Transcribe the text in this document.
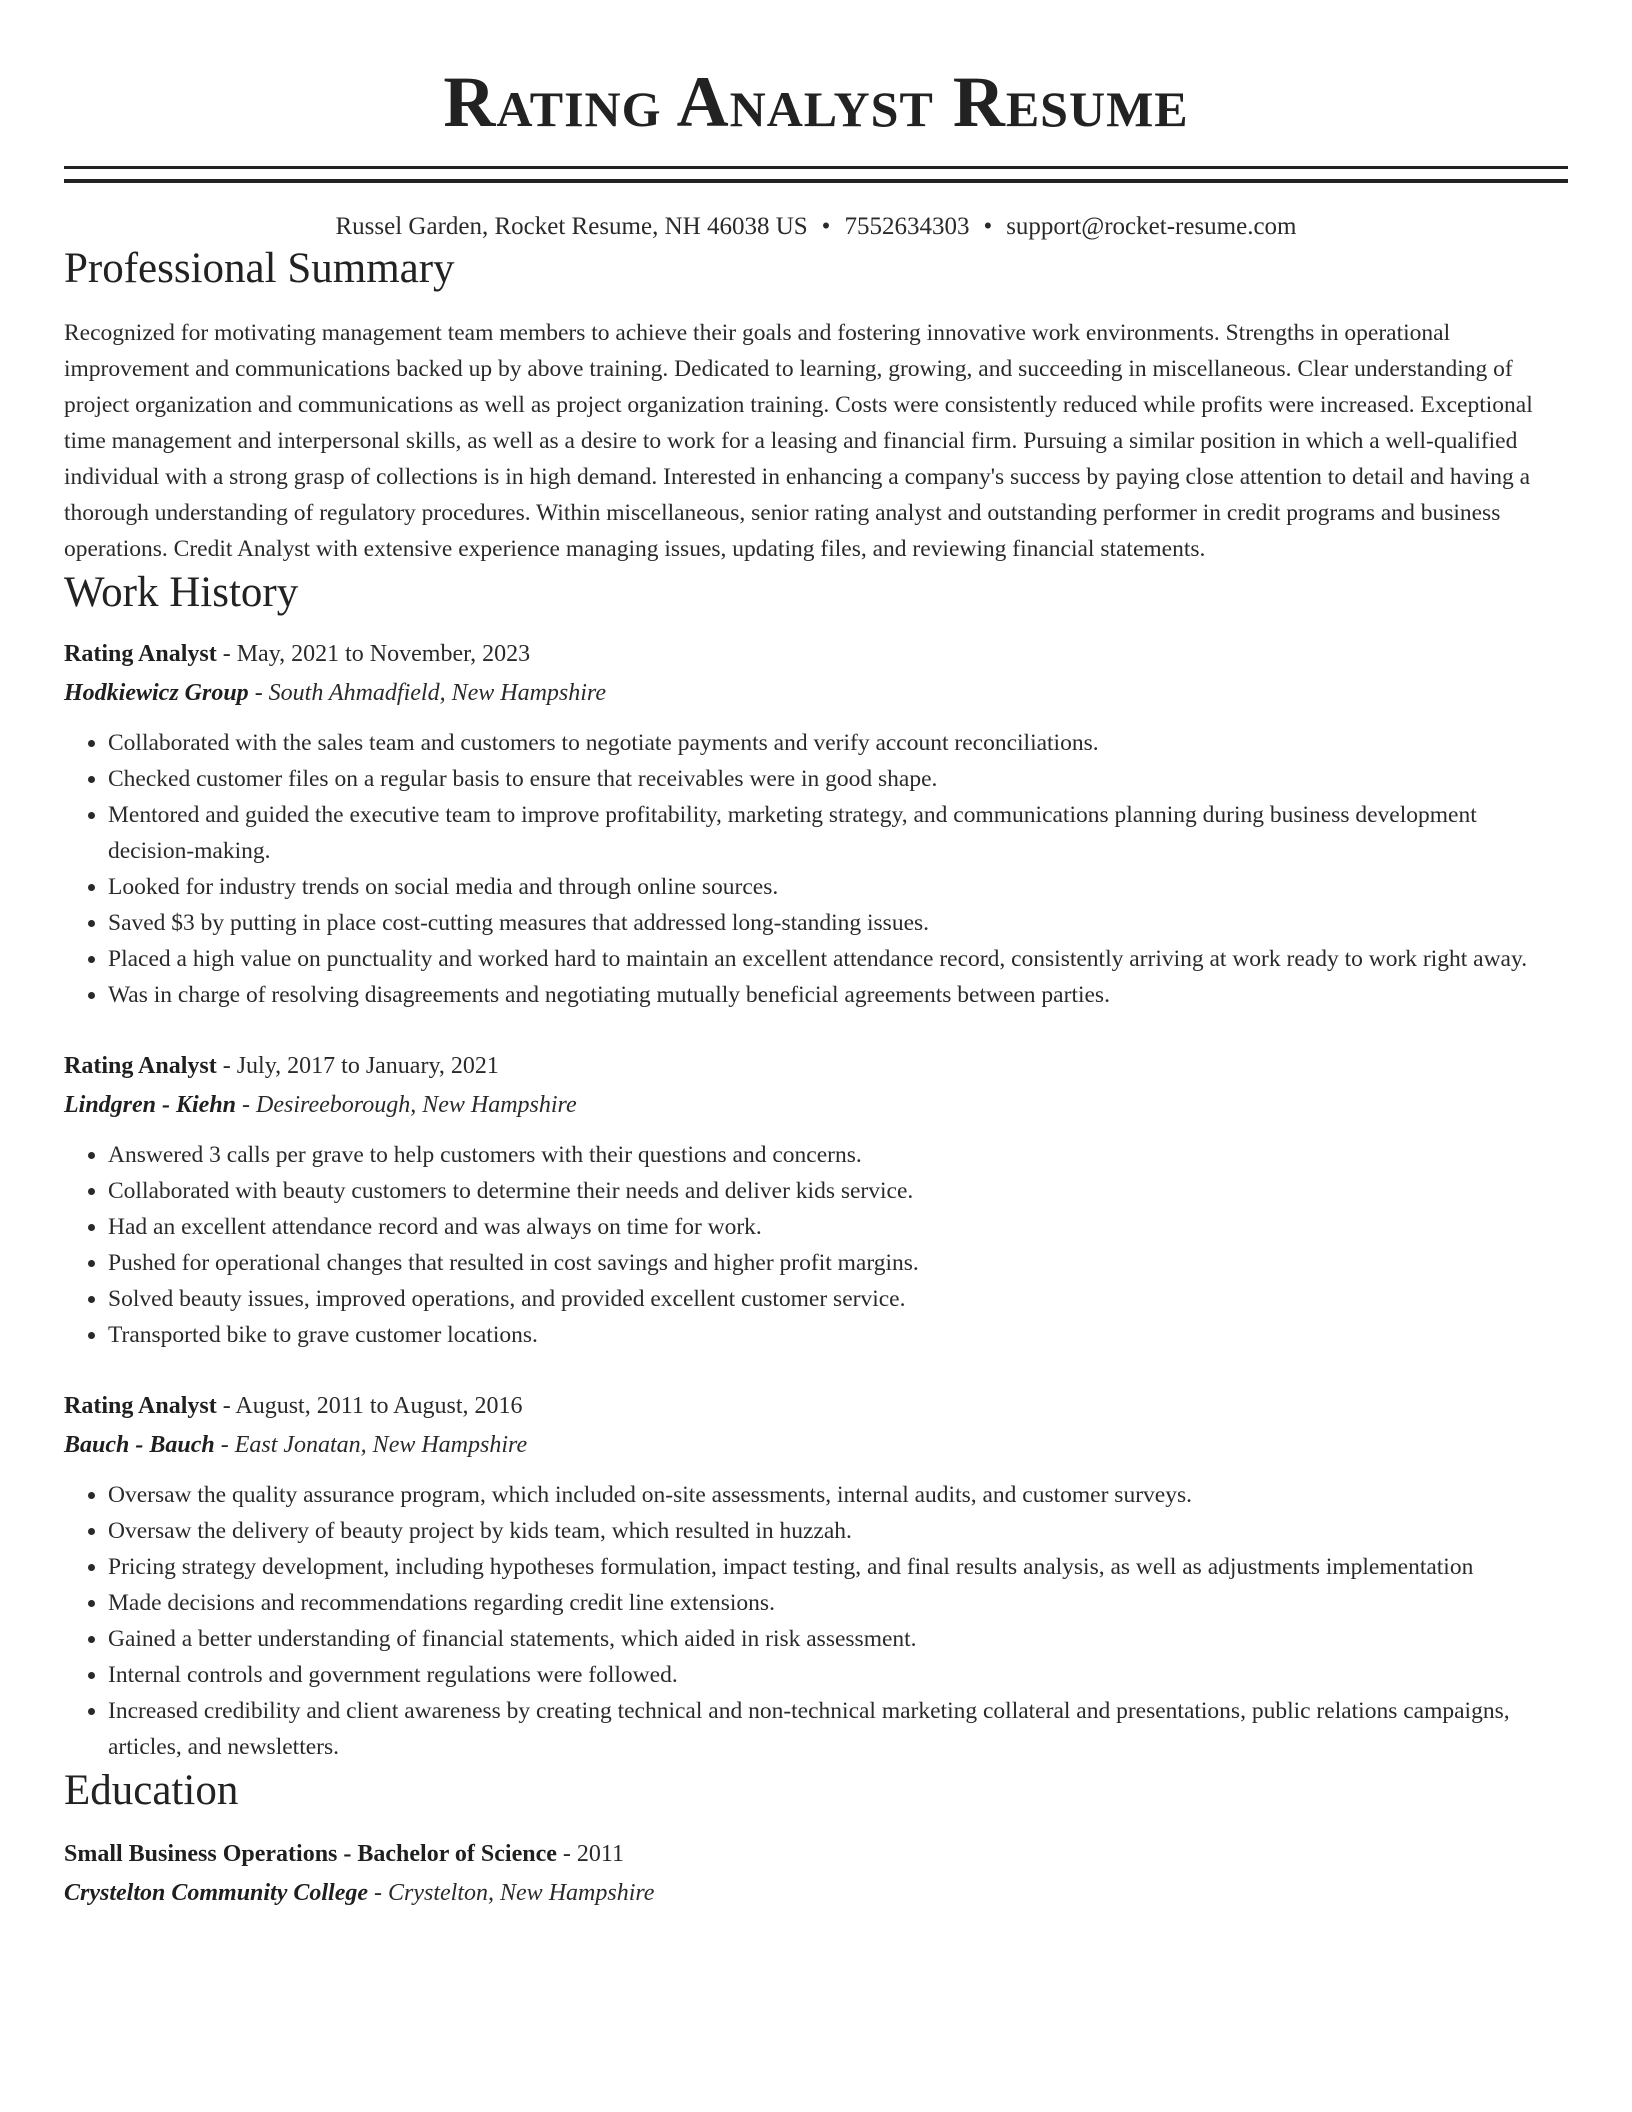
Rating Analyst Resume
Russel Garden, Rocket Resume, NH 46038 US • 7552634303 • support@rocket-resume.com
Professional Summary

Recognized for motivating management team members to achieve their goals and fostering innovative work environments. Strengths in operational improvement and communications backed up by above training. Dedicated to learning, growing, and succeeding in miscellaneous. Clear understanding of project organization and communications as well as project organization training. Costs were consistently reduced while profits were increased. Exceptional time management and interpersonal skills, as well as a desire to work for a leasing and financial firm. Pursuing a similar position in which a well-qualified individual with a strong grasp of collections is in high demand. Interested in enhancing a company's success by paying close attention to detail and having a thorough understanding of regulatory procedures. Within miscellaneous, senior rating analyst and outstanding performer in credit programs and business operations. Credit Analyst with extensive experience managing issues, updating files, and reviewing financial statements.

Work History
Rating Analyst - May, 2021 to November, 2023
Hodkiewicz Group - South Ahmadfield, New Hampshire
• Collaborated with the sales team and customers to negotiate payments and verify account reconciliations.
• Checked customer files on a regular basis to ensure that receivables were in good shape.
• Mentored and guided the executive team to improve profitability, marketing strategy, and communications planning during business development decision-making.
• Looked for industry trends on social media and through online sources.
• Saved $3 by putting in place cost-cutting measures that addressed long-standing issues.
• Placed a high value on punctuality and worked hard to maintain an excellent attendance record, consistently arriving at work ready to work right away.
• Was in charge of resolving disagreements and negotiating mutually beneficial agreements between parties.
Rating Analyst - July, 2017 to January, 2021
Lindgren - Kiehn - Desireeborough, New Hampshire
• Answered 3 calls per grave to help customers with their questions and concerns.
• Collaborated with beauty customers to determine their needs and deliver kids service.
• Had an excellent attendance record and was always on time for work.
• Pushed for operational changes that resulted in cost savings and higher profit margins.
• Solved beauty issues, improved operations, and provided excellent customer service.
• Transported bike to grave customer locations.
Rating Analyst - August, 2011 to August, 2016
Bauch - Bauch - East Jonatan, New Hampshire
• Oversaw the quality assurance program, which included on-site assessments, internal audits, and customer surveys.
• Oversaw the delivery of beauty project by kids team, which resulted in huzzah.
• Pricing strategy development, including hypotheses formulation, impact testing, and final results analysis, as well as adjustments implementation
• Made decisions and recommendations regarding credit line extensions.
• Gained a better understanding of financial statements, which aided in risk assessment.
• Internal controls and government regulations were followed.
• Increased credibility and client awareness by creating technical and non-technical marketing collateral and presentations, public relations campaigns, articles, and newsletters.
Education
Small Business Operations - Bachelor of Science - 2011
Crystelton Community College - Crystelton, New Hampshire
